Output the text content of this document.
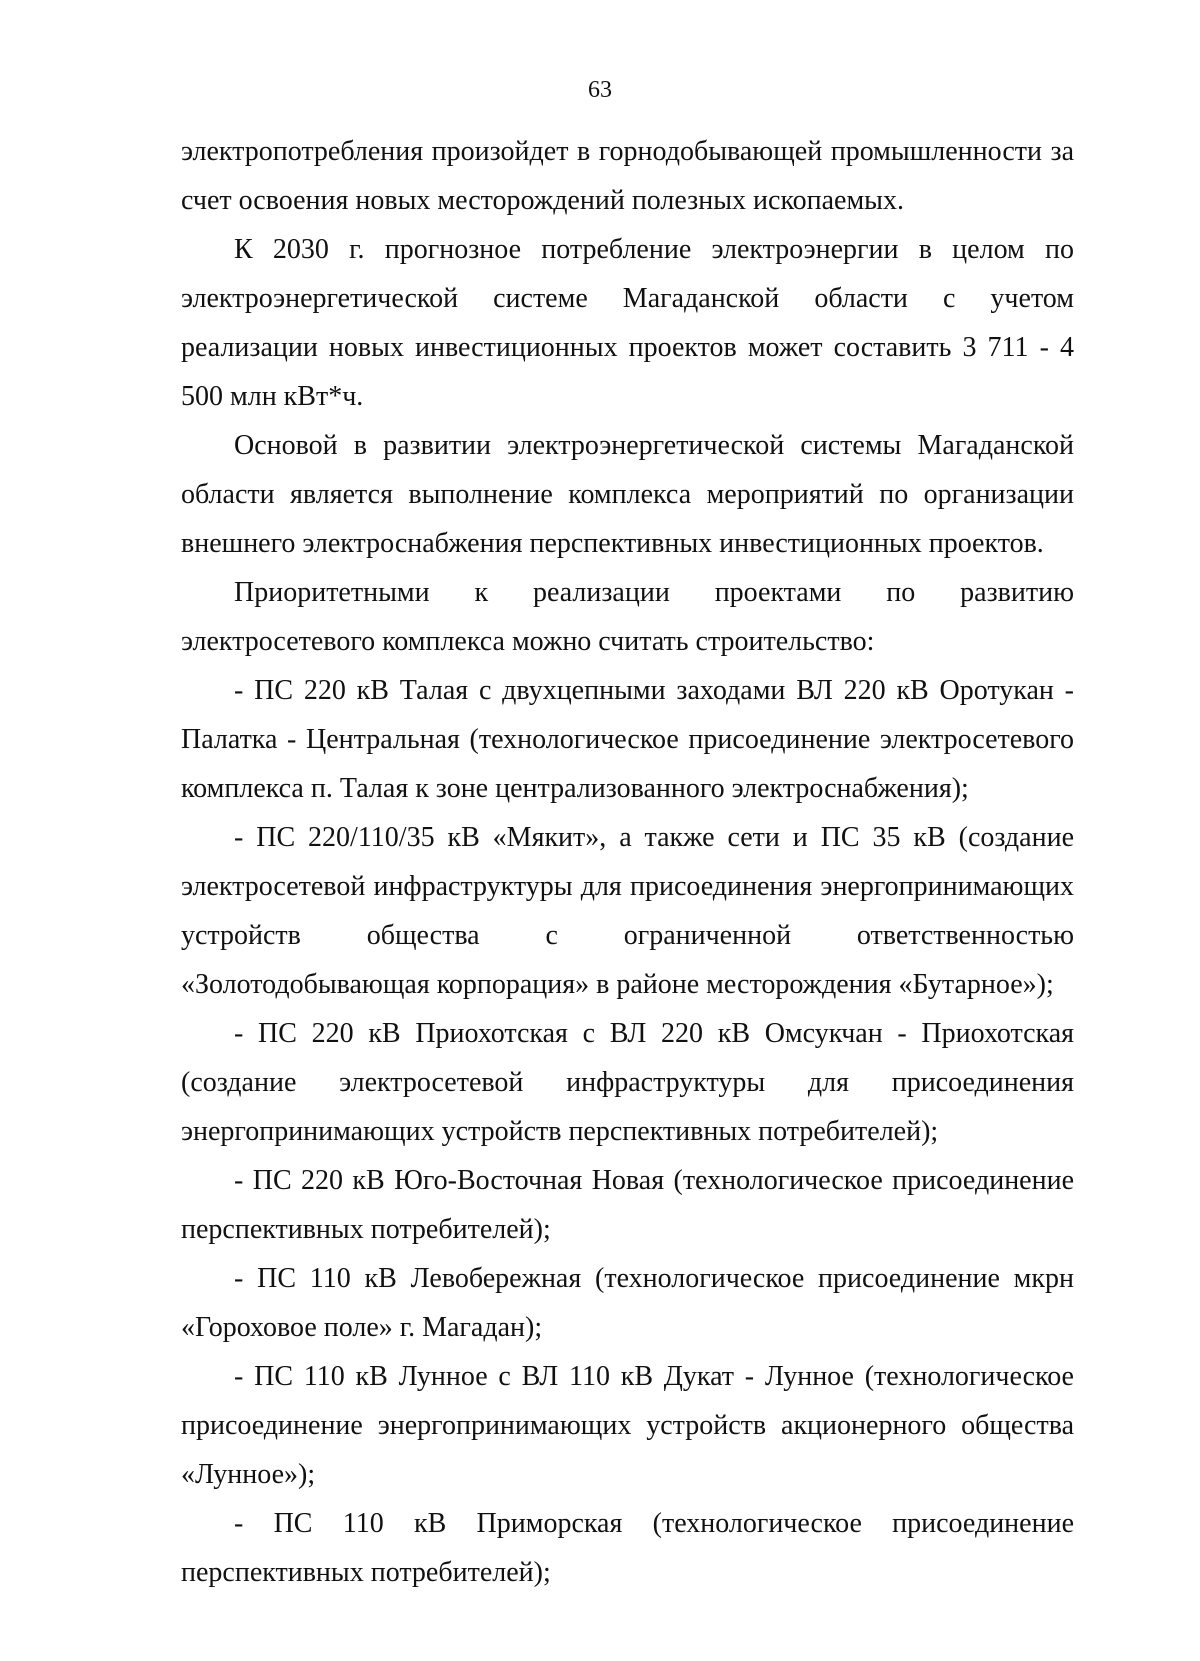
63

электропотребления произойдет в горнодобывающей промышленности за счет освоения новых месторождений полезных ископаемых.

К 2030 г. прогнозное потребление электроэнергии в целом по электроэнергетической системе Магаданской области с учетом реализации новых инвестиционных проектов может составить 3 711 - 4 500 млн кВт*ч.

Основой в развитии электроэнергетической системы Магаданской области является выполнение комплекса мероприятий по организации внешнего электроснабжения перспективных инвестиционных проектов.

Приоритетными к реализации проектами по развитию электросетевого комплекса можно считать строительство:

- ПС 220 кВ Талая с двухцепными заходами ВЛ 220 кВ Оротукан - Палатка - Центральная (технологическое присоединение электросетевого комплекса п. Талая к зоне централизованного электроснабжения);

- ПС 220/110/35 кВ «Мякит», а также сети и ПС 35 кВ (создание электросетевой инфраструктуры для присоединения энергопринимающих устройств общества с ограниченной ответственностью «Золотодобывающая корпорация» в районе месторождения «Бутарное»);

- ПС 220 кВ Приохотская с ВЛ 220 кВ Омсукчан - Приохотская (создание электросетевой инфраструктуры для присоединения энергопринимающих устройств перспективных потребителей);

- ПС 220 кВ Юго-Восточная Новая (технологическое присоединение перспективных потребителей);

- ПС 110 кВ Левобережная (технологическое присоединение мкрн «Гороховое поле» г. Магадан);

- ПС 110 кВ Лунное с ВЛ 110 кВ Дукат - Лунное (технологическое присоединение энергопринимающих устройств акционерного общества «Лунное»);

- ПС 110 кВ Приморская (технологическое присоединение перспективных потребителей);
